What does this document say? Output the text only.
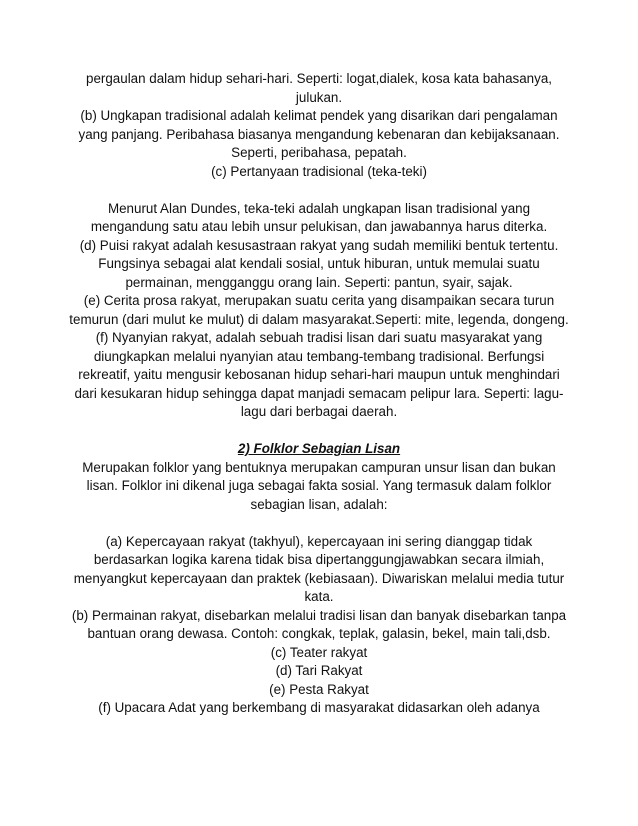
pergaulan dalam hidup sehari-hari. Seperti: logat,dialek, kosa kata bahasanya, julukan.

(b) Ungkapan tradisional adalah kelimat pendek yang disarikan dari pengalaman yang panjang. Peribahasa biasanya mengandung kebenaran dan kebijaksanaan. Seperti, peribahasa, pepatah.

(c) Pertanyaan tradisional (teka-teki)

Menurut Alan Dundes, teka-teki adalah ungkapan lisan tradisional yang mengandung satu atau lebih unsur pelukisan, dan jawabannya harus diterka.

(d) Puisi rakyat adalah kesusastraan rakyat yang sudah memiliki bentuk tertentu. Fungsinya sebagai alat kendali sosial, untuk hiburan, untuk memulai suatu permainan, mengganggu orang lain. Seperti: pantun, syair, sajak.

(e) Cerita prosa rakyat, merupakan suatu cerita yang disampaikan secara turun temurun (dari mulut ke mulut) di dalam masyarakat.Seperti: mite, legenda, dongeng.

(f) Nyanyian rakyat, adalah sebuah tradisi lisan dari suatu masyarakat yang diungkapkan melalui nyanyian atau tembang-tembang tradisional. Berfungsi rekreatif, yaitu mengusir kebosanan hidup sehari-hari maupun untuk menghindari dari kesukaran hidup sehingga dapat manjadi semacam pelipur lara. Seperti: lagu-lagu dari berbagai daerah.

2) Folklor Sebagian Lisan

Merupakan folklor yang bentuknya merupakan campuran unsur lisan dan bukan lisan. Folklor ini dikenal juga sebagai fakta sosial. Yang termasuk dalam folklor sebagian lisan, adalah:

(a) Kepercayaan rakyat (takhyul), kepercayaan ini sering dianggap tidak berdasarkan logika karena tidak bisa dipertanggungjawabkan secara ilmiah, menyangkut kepercayaan dan praktek (kebiasaan). Diwariskan melalui media tutur kata.

(b) Permainan rakyat, disebarkan melalui tradisi lisan dan banyak disebarkan tanpa bantuan orang dewasa. Contoh: congkak, teplak, galasin, bekel, main tali,dsb.

(c) Teater rakyat

(d) Tari Rakyat

(e) Pesta Rakyat

(f) Upacara Adat yang berkembang di masyarakat didasarkan oleh adanya
